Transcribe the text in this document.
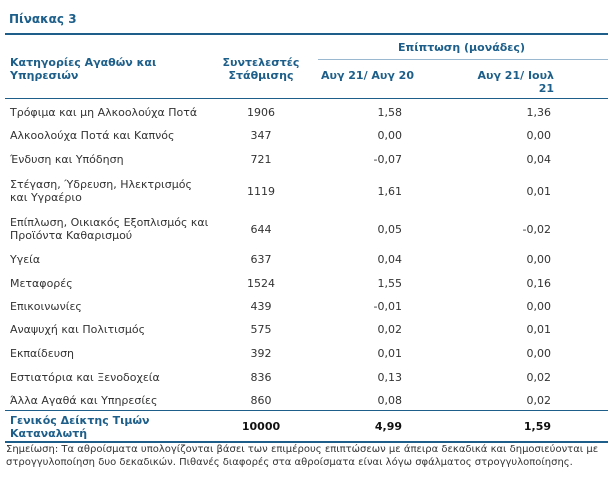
Πίνακας 3
Κατηγορίες Αγαθών και Υπηρεσιών
Συντελεστές Στάθμισης
Επίπτωση (μονάδες)
Αυγ 21/ Αυγ 20	Αυγ 21/ Ιουλ 21
Τρόφιμα και μη Αλκοολούχα Ποτά	1906	1,58	1,36
Αλκοολούχα Ποτά και Καπνός	347	0,00	0,00
Ένδυση και Υπόδηση	721	-0,07	0,04
Στέγαση, Ύδρευση, Ηλεκτρισμός και Υγραέριο	1119	1,61	0,01
Επίπλωση, Οικιακός Εξοπλισμός και Προϊόντα Καθαρισμού	644	0,05	-0,02
Υγεία	637	0,04	0,00
Μεταφορές	1524	1,55	0,16
Επικοινωνίες	439	-0,01	0,00
Αναψυχή και Πολιτισμός	575	0,02	0,01
Εκπαίδευση	392	0,01	0,00
Εστιατόρια και Ξενοδοχεία	836	0,13	0,02
Άλλα Αγαθά και Υπηρεσίες	860	0,08	0,02
Γενικός Δείκτης Τιμών Καταναλωτή	10000	4,99	1,59
Σημείωση: Τα αθροίσματα υπολογίζονται βάσει των επιμέρους επιπτώσεων με άπειρα δεκαδικά και δημοσιεύονται με στρογγυλοποίηση δυο δεκαδικών. Πιθανές διαφορές στα αθροίσματα είναι λόγω σφάλματος στρογγυλοποίησης.
